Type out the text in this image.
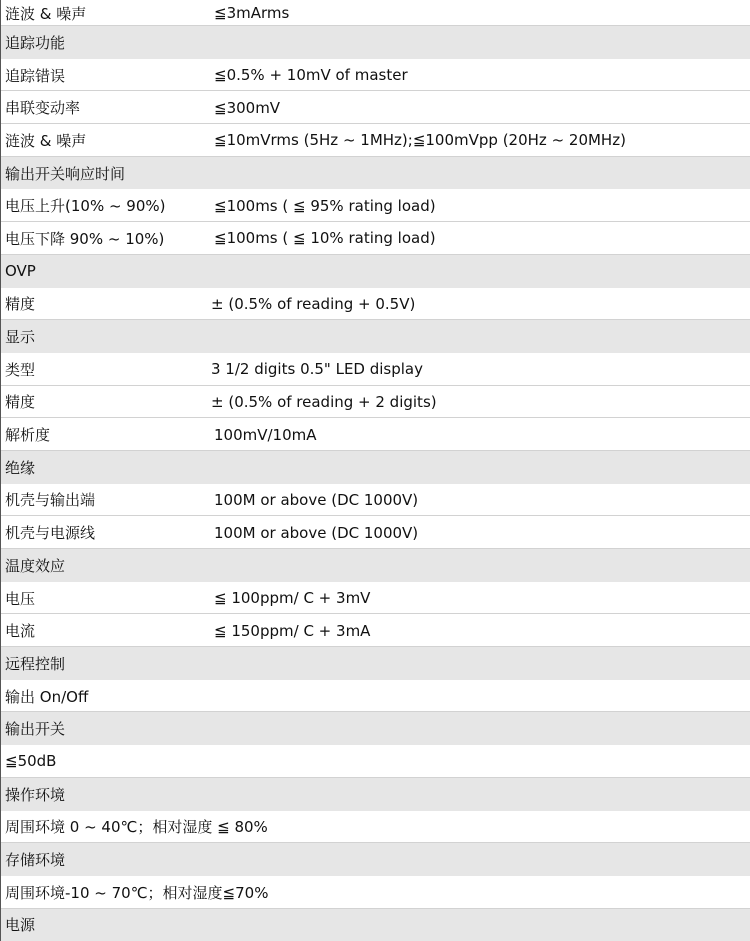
涟波 & 噪声	≦3mArms
追踪功能
追踪错误	≦0.5% + 10mV of master
串联变动率	≦300mV
涟波 & 噪声	≦10mVrms (5Hz ~ 1MHz);≦100mVpp (20Hz ~ 20MHz)
输出开关响应时间
电压上升(10% ~ 90%)	≦100ms ( ≦ 95% rating load)
电压下降 90% ~ 10%)	≦100ms ( ≦ 10% rating load)
OVP
精度	± (0.5% of reading + 0.5V)
显示
类型	3 1/2 digits 0.5" LED display
精度	± (0.5% of reading + 2 digits)
解析度	100mV/10mA
绝缘
机壳与输出端	100M or above (DC 1000V)
机壳与电源线	100M or above (DC 1000V)
温度效应
电压	≦ 100ppm/ C + 3mV
电流	≦ 150ppm/ C + 3mA
远程控制
输出 On/Off
输出开关
≦50dB
操作环境
周围环境 0 ~ 40℃；相对湿度 ≦ 80%
存储环境
周围环境-10 ~ 70℃；相对湿度≦70%
电源
